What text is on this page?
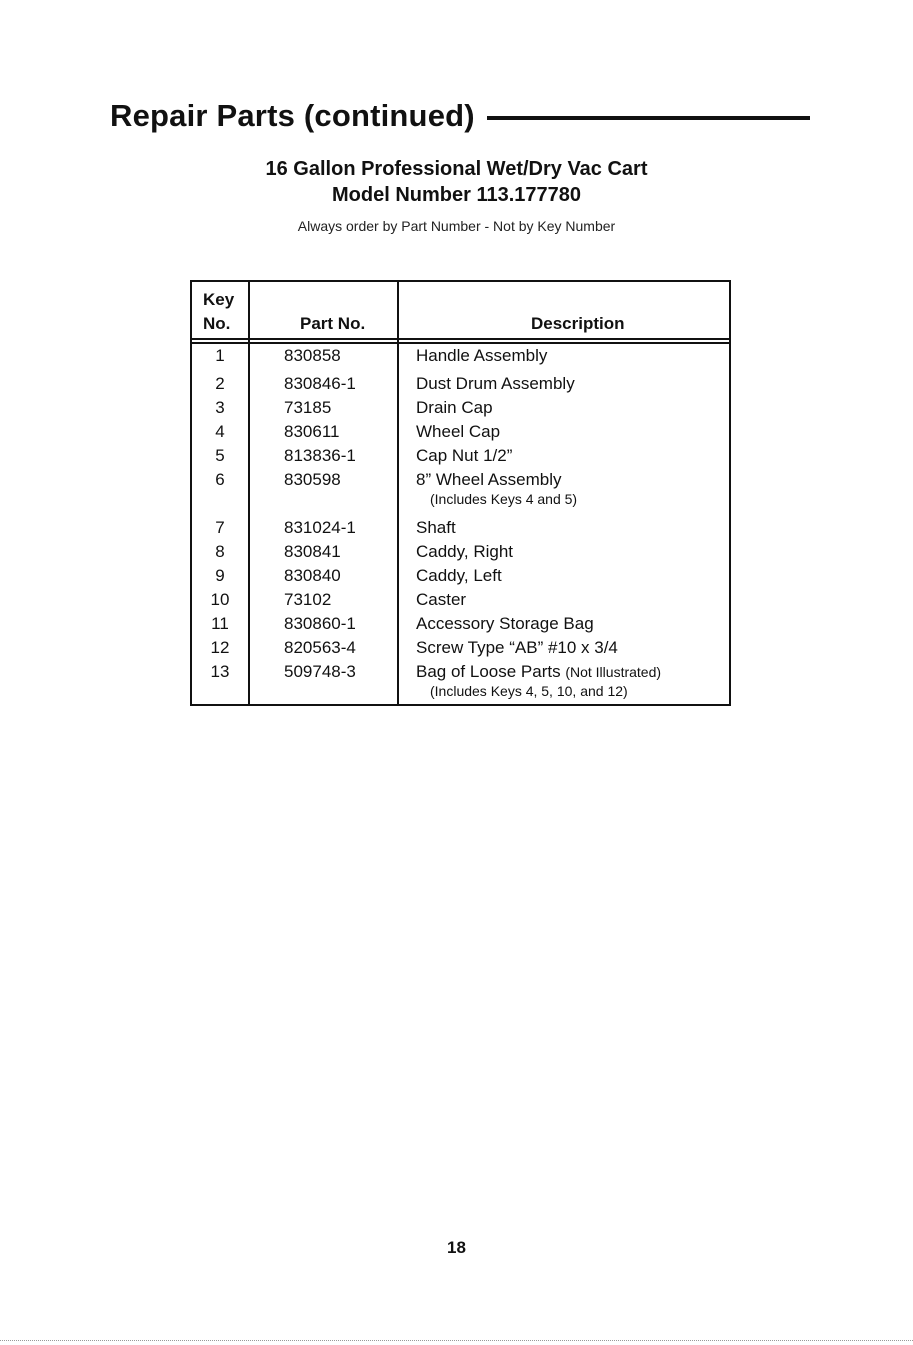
Repair Parts (continued)
16 Gallon Professional Wet/Dry Vac Cart
Model Number 113.177780
Always order by Part Number - Not by Key Number
Key
No.	Part No.	Description
1	830858	Handle Assembly
2	830846-1	Dust Drum Assembly
3	73185	Drain Cap
4	830611	Wheel Cap
5	813836-1	Cap Nut 1/2”
6	830598	8” Wheel Assembly
(Includes Keys 4 and 5)
7	831024-1	Shaft
8	830841	Caddy, Right
9	830840	Caddy, Left
10	73102	Caster
11	830860-1	Accessory Storage Bag
12	820563-4	Screw Type “AB” #10 x 3/4
13	509748-3	Bag of Loose Parts (Not Illustrated)
(Includes Keys 4, 5, 10, and 12)
18
